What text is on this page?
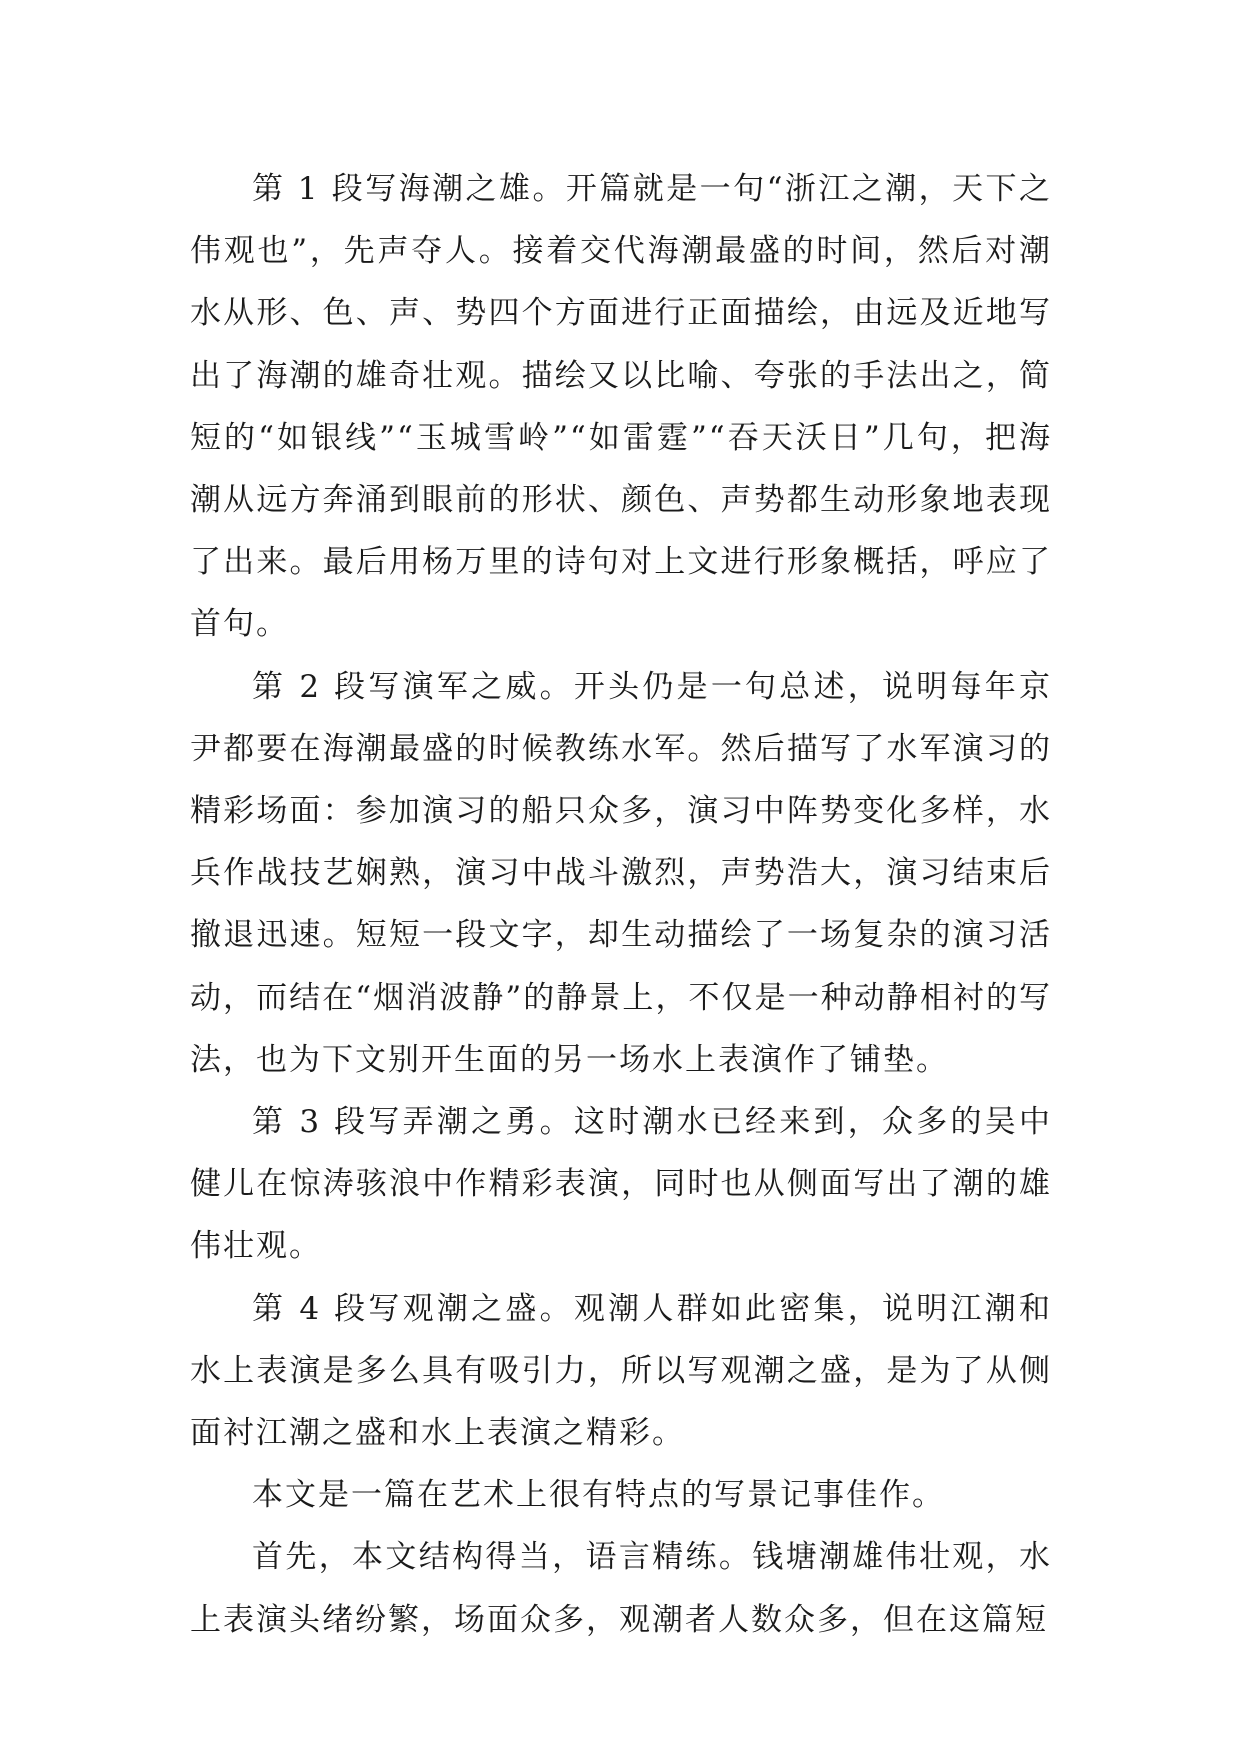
第 1 段写海潮之雄。开篇就是一句“浙江之潮，天下之伟观也”，先声夺人。接着交代海潮最盛的时间，然后对潮水从形、色、声、势四个方面进行正面描绘，由远及近地写出了海潮的雄奇壮观。描绘又以比喻、夸张的手法出之，简短的“如银线”“玉城雪岭”“如雷霆”“吞天沃日”几句，把海潮从远方奔涌到眼前的形状、颜色、声势都生动形象地表现了出来。最后用杨万里的诗句对上文进行形象概括，呼应了首句。

第 2 段写演军之威。开头仍是一句总述，说明每年京尹都要在海潮最盛的时候教练水军。然后描写了水军演习的精彩场面：参加演习的船只众多，演习中阵势变化多样，水兵作战技艺娴熟，演习中战斗激烈，声势浩大，演习结束后撤退迅速。短短一段文字，却生动描绘了一场复杂的演习活动，而结在“烟消波静”的静景上，不仅是一种动静相衬的写法，也为下文别开生面的另一场水上表演作了铺垫。

第 3 段写弄潮之勇。这时潮水已经来到，众多的吴中健儿在惊涛骇浪中作精彩表演，同时也从侧面写出了潮的雄伟壮观。

第 4 段写观潮之盛。观潮人群如此密集，说明江潮和水上表演是多么具有吸引力，所以写观潮之盛，是为了从侧面衬江潮之盛和水上表演之精彩。

本文是一篇在艺术上很有特点的写景记事佳作。

首先，本文结构得当，语言精练。钱塘潮雄伟壮观，水上表演头绪纷繁，场面众多，观潮者人数众多，但在这篇短
